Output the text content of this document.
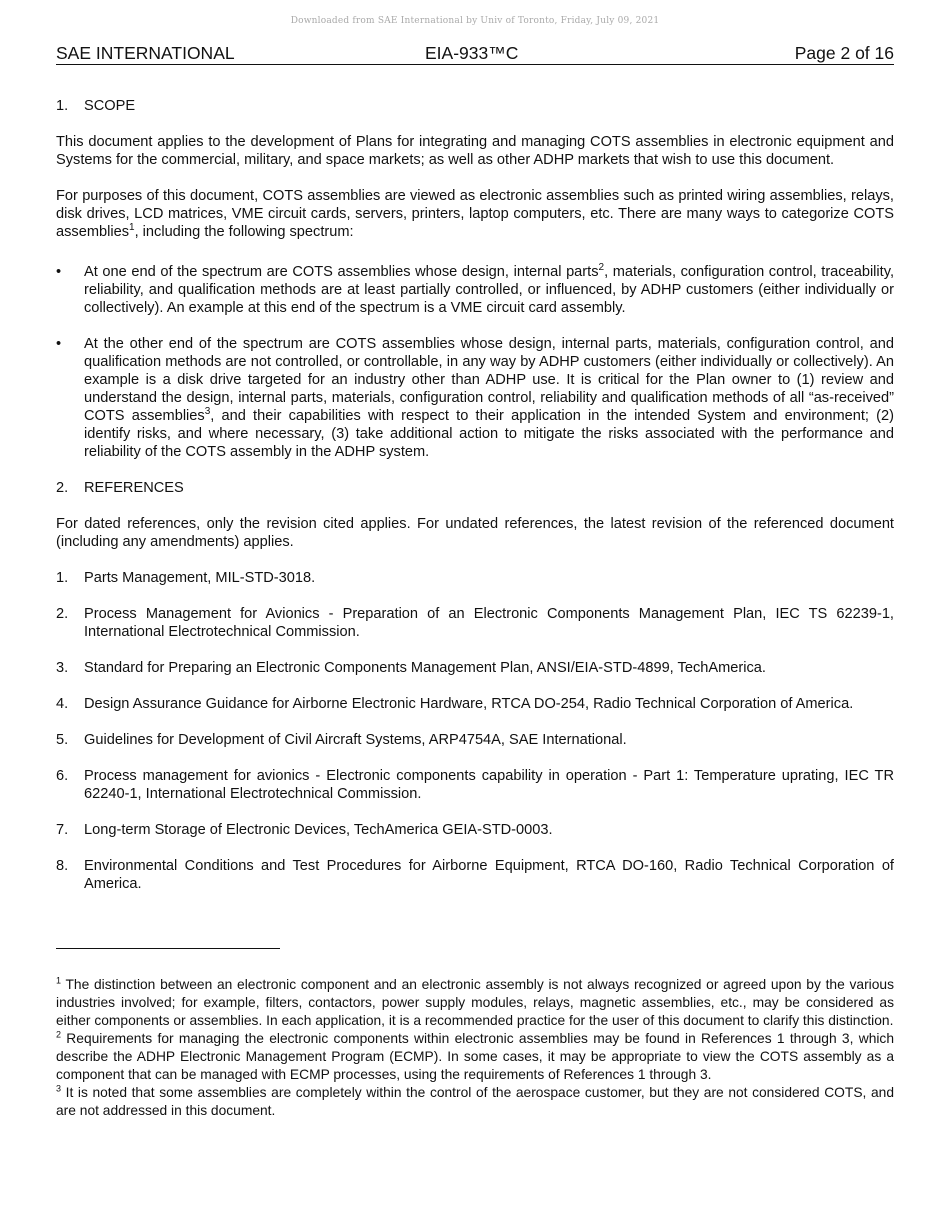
Downloaded from SAE International by Univ of Toronto, Friday, July 09, 2021
SAE INTERNATIONAL	EIA-933™C	Page 2 of 16
1.	SCOPE

This document applies to the development of Plans for integrating and managing COTS assemblies in electronic equipment and Systems for the commercial, military, and space markets; as well as other ADHP markets that wish to use this document.

For purposes of this document, COTS assemblies are viewed as electronic assemblies such as printed wiring assemblies, relays, disk drives, LCD matrices, VME circuit cards, servers, printers, laptop computers, etc. There are many ways to categorize COTS assemblies$^1$, including the following spectrum:

•	At one end of the spectrum are COTS assemblies whose design, internal parts$^2$, materials, configuration control, traceability, reliability, and qualification methods are at least partially controlled, or influenced, by ADHP customers (either individually or collectively). An example at this end of the spectrum is a VME circuit card assembly.
•	At the other end of the spectrum are COTS assemblies whose design, internal parts, materials, configuration control, and qualification methods are not controlled, or controllable, in any way by ADHP customers (either individually or collectively). An example is a disk drive targeted for an industry other than ADHP use. It is critical for the Plan owner to (1) review and understand the design, internal parts, materials, configuration control, reliability and qualification methods of all “as-received” COTS assemblies$^3$, and their capabilities with respect to their application in the intended System and environment; (2) identify risks, and where necessary, (3) take additional action to mitigate the risks associated with the performance and reliability of the COTS assembly in the ADHP system.
2.	REFERENCES

For dated references, only the revision cited applies. For undated references, the latest revision of the referenced document (including any amendments) applies.

1.	Parts Management, MIL-STD-3018.
2.	Process Management for Avionics - Preparation of an Electronic Components Management Plan, IEC TS 62239-1, International Electrotechnical Commission.
3.	Standard for Preparing an Electronic Components Management Plan, ANSI/EIA-STD-4899, TechAmerica.
4.	Design Assurance Guidance for Airborne Electronic Hardware, RTCA DO-254, Radio Technical Corporation of America.
5.	Guidelines for Development of Civil Aircraft Systems, ARP4754A, SAE International.
6.	Process management for avionics - Electronic components capability in operation - Part 1: Temperature uprating, IEC TR 62240-1, International Electrotechnical Commission.
7.	Long-term Storage of Electronic Devices, TechAmerica GEIA-STD-0003.
8.	Environmental Conditions and Test Procedures for Airborne Equipment, RTCA DO-160, Radio Technical Corporation of America.

$^1$ The distinction between an electronic component and an electronic assembly is not always recognized or agreed upon by the various industries involved; for example, filters, contactors, power supply modules, relays, magnetic assemblies, etc., may be considered as either components or assemblies. In each application, it is a recommended practice for the user of this document to clarify this distinction.

$^2$ Requirements for managing the electronic components within electronic assemblies may be found in References 1 through 3, which describe the ADHP Electronic Management Program (ECMP). In some cases, it may be appropriate to view the COTS assembly as a component that can be managed with ECMP processes, using the requirements of References 1 through 3.

$^3$ It is noted that some assemblies are completely within the control of the aerospace customer, but they are not considered COTS, and are not addressed in this document.
